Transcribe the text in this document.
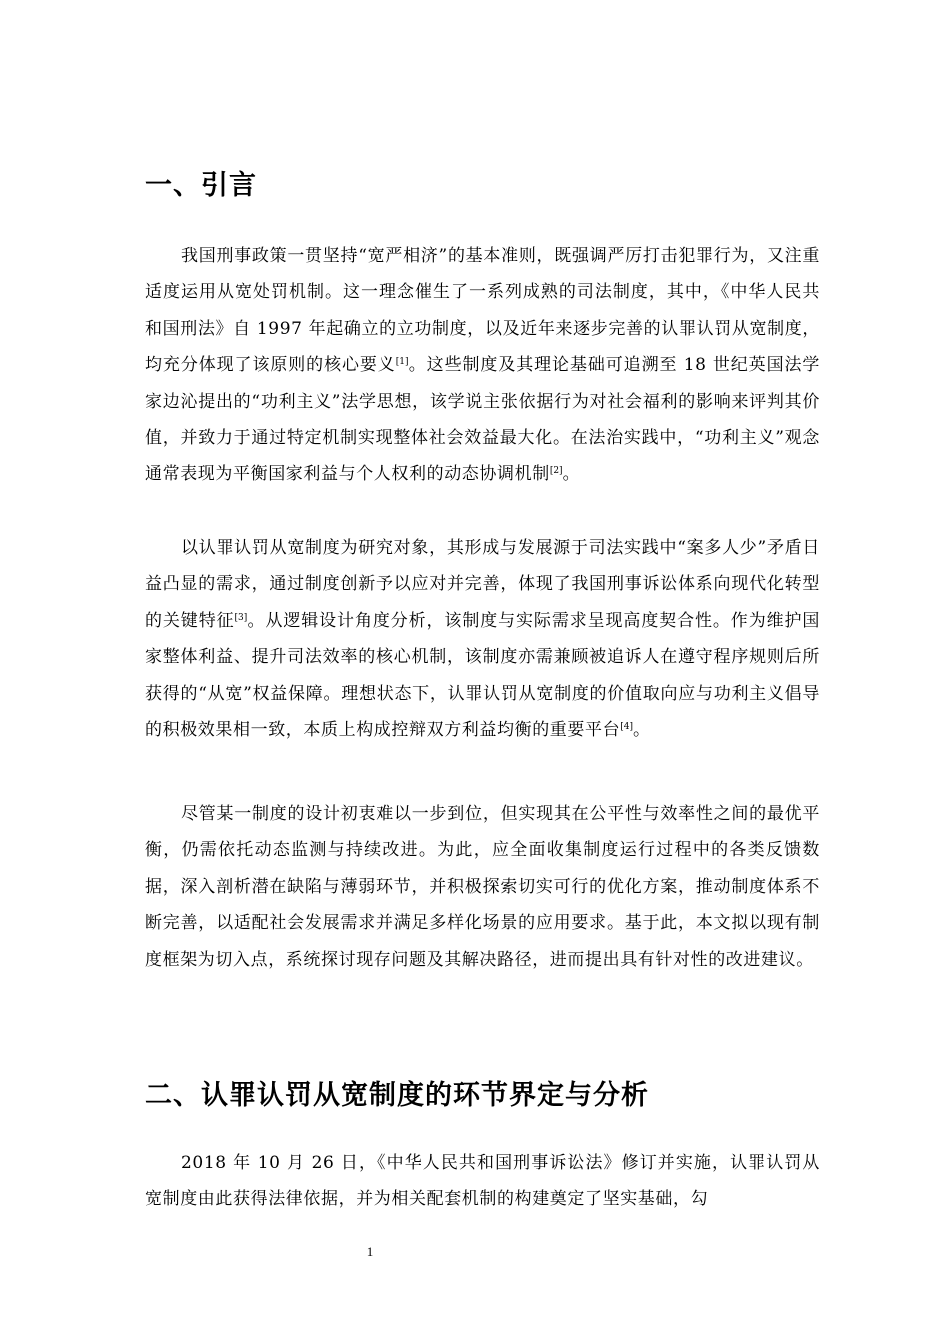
一、引言

我国刑事政策一贯坚持“宽严相济”的基本准则，既强调严厉打击犯罪行为，又注重适度运用从宽处罚机制。这一理念催生了一系列成熟的司法制度，其中，《中华人民共和国刑法》自 1997 年起确立的立功制度，以及近年来逐步完善的认罪认罚从宽制度，均充分体现了该原则的核心要义[1]。这些制度及其理论基础可追溯至 18 世纪英国法学家边沁提出的“功利主义”法学思想，该学说主张依据行为对社会福利的影响来评判其价值，并致力于通过特定机制实现整体社会效益最大化。在法治实践中，“功利主义”观念通常表现为平衡国家利益与个人权利的动态协调机制[2]。

以认罪认罚从宽制度为研究对象，其形成与发展源于司法实践中“案多人少”矛盾日益凸显的需求，通过制度创新予以应对并完善，体现了我国刑事诉讼体系向现代化转型的关键特征[3]。从逻辑设计角度分析，该制度与实际需求呈现高度契合性。作为维护国家整体利益、提升司法效率的核心机制，该制度亦需兼顾被追诉人在遵守程序规则后所获得的“从宽”权益保障。理想状态下，认罪认罚从宽制度的价值取向应与功利主义倡导的积极效果相一致，本质上构成控辩双方利益均衡的重要平台[4]。

尽管某一制度的设计初衷难以一步到位，但实现其在公平性与效率性之间的最优平衡，仍需依托动态监测与持续改进。为此，应全面收集制度运行过程中的各类反馈数据，深入剖析潜在缺陷与薄弱环节，并积极探索切实可行的优化方案，推动制度体系不断完善，以适配社会发展需求并满足多样化场景的应用要求。基于此，本文拟以现有制度框架为切入点，系统探讨现存问题及其解决路径，进而提出具有针对性的改进建议。

二、认罪认罚从宽制度的环节界定与分析

2018 年 10 月 26 日，《中华人民共和国刑事诉讼法》修订并实施，认罪认罚从宽制度由此获得法律依据，并为相关配套机制的构建奠定了坚实基础，勾

1
